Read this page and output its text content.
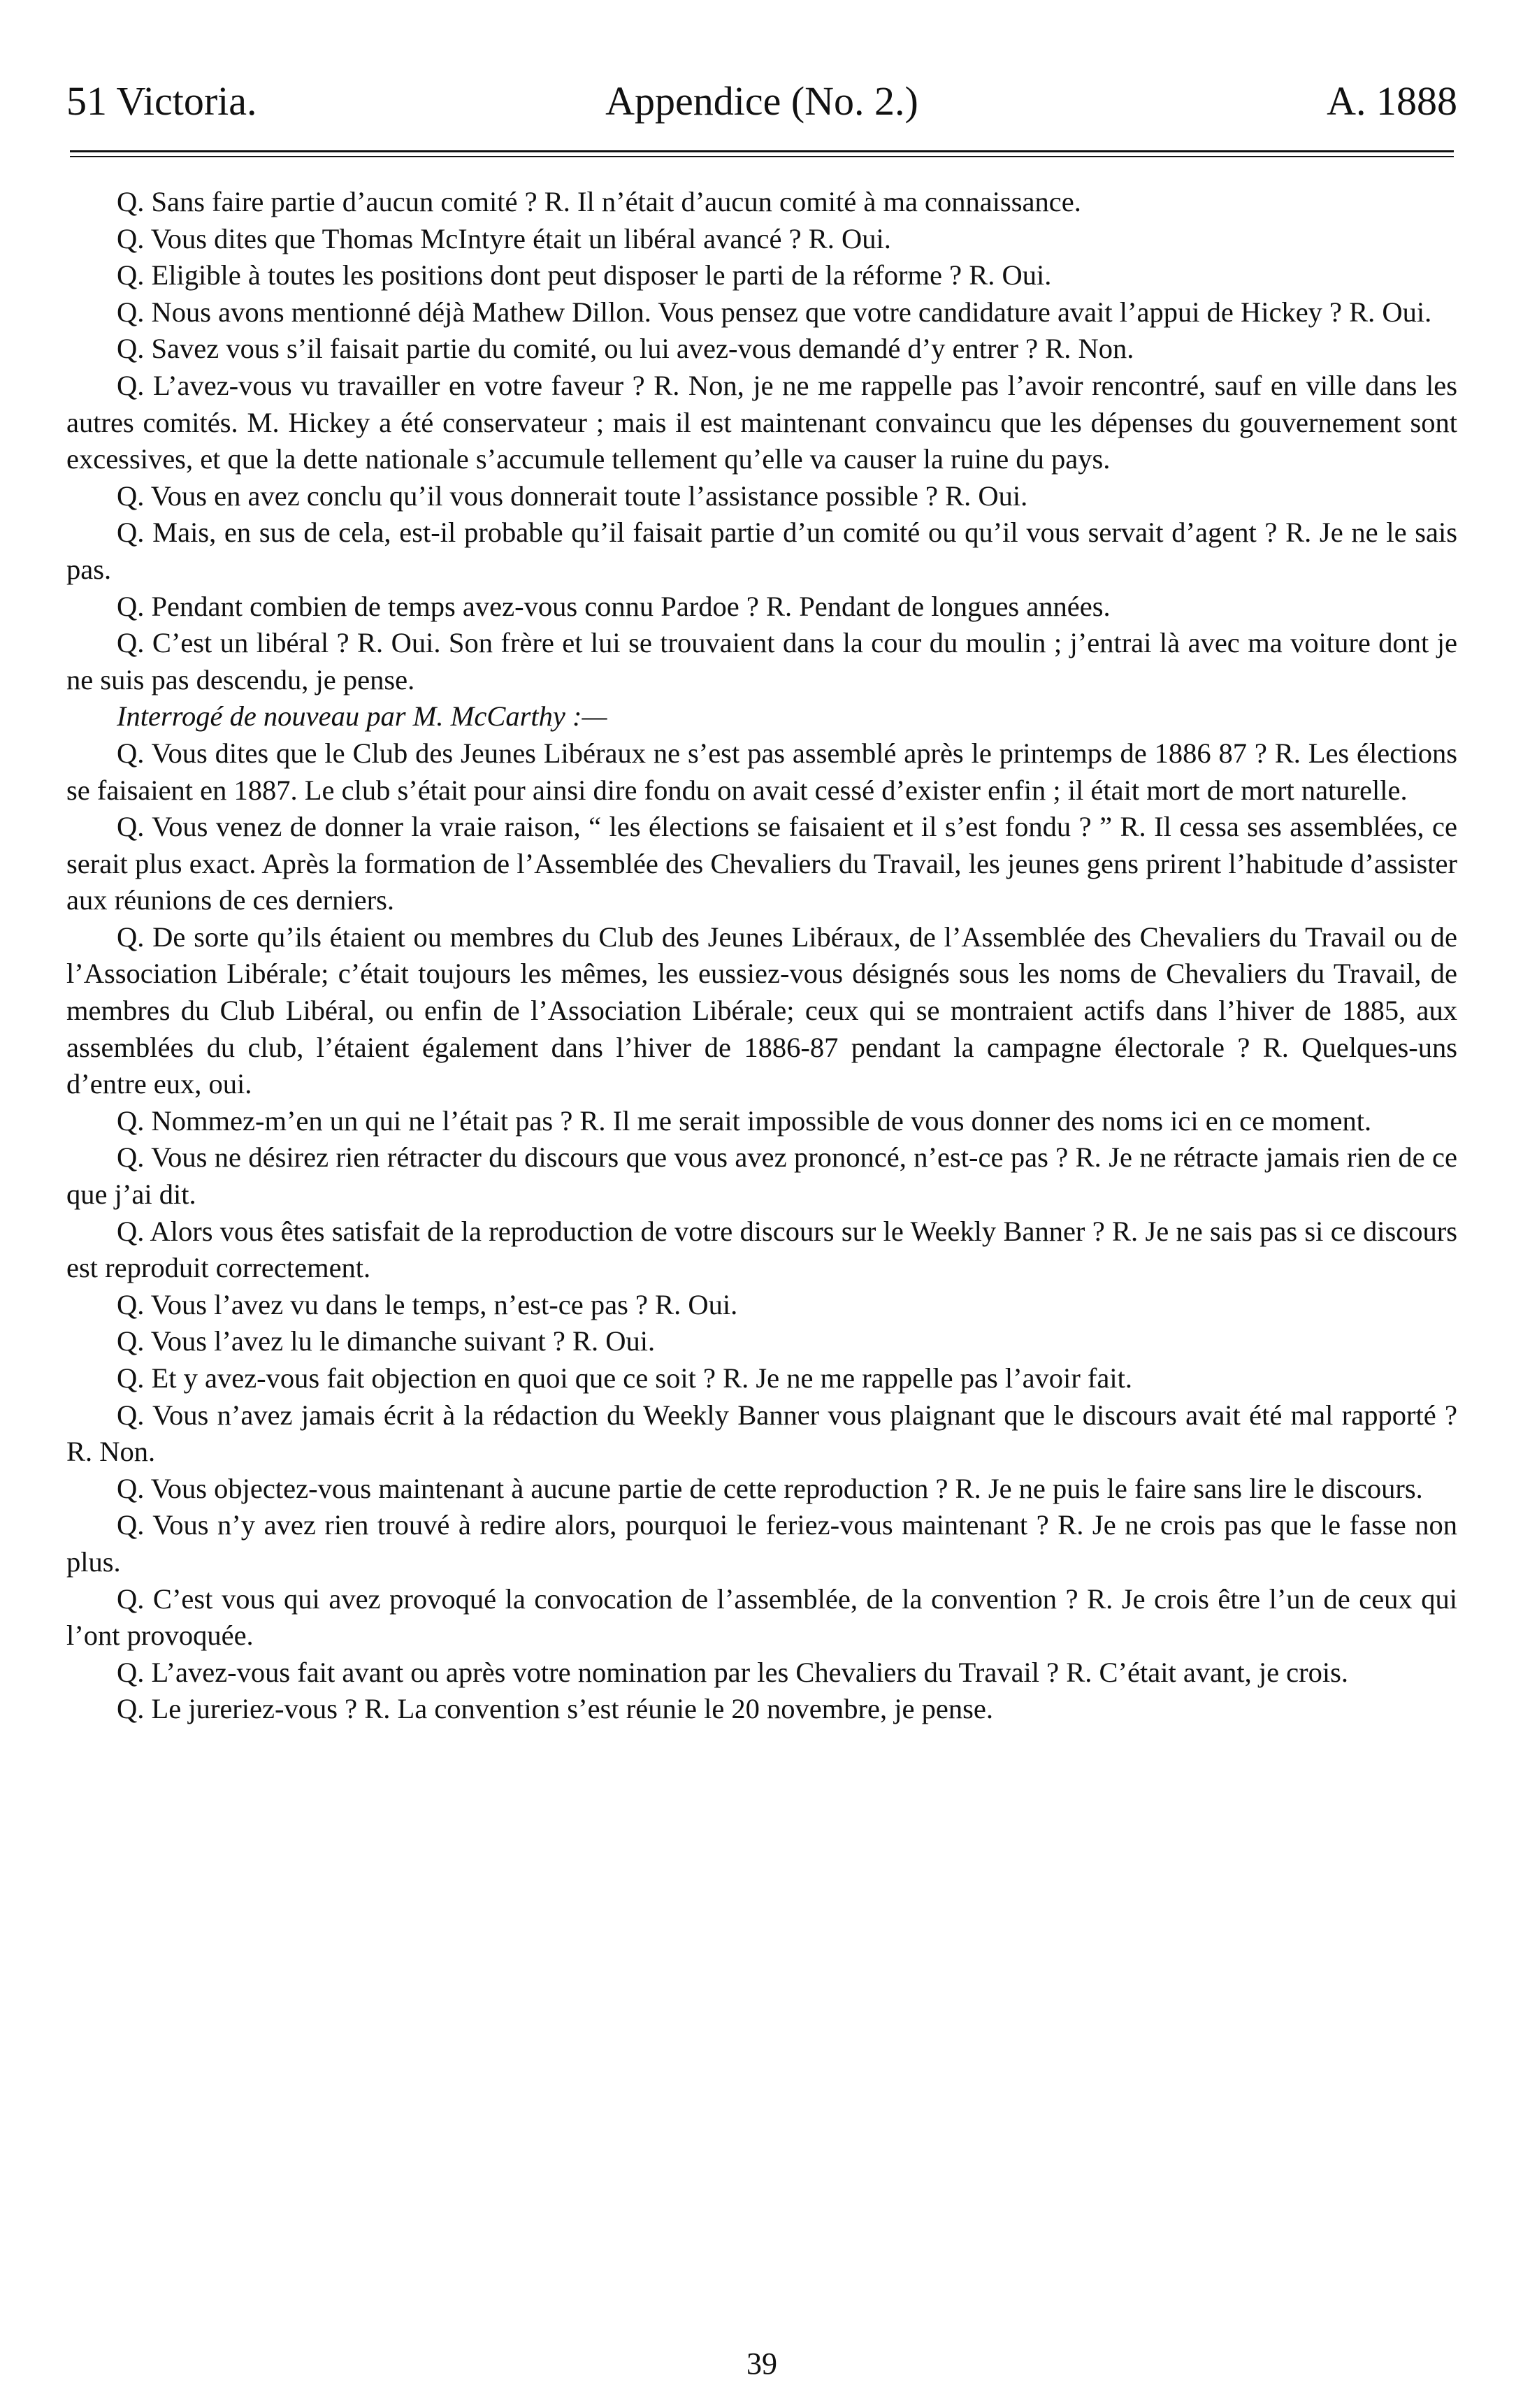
51 Victoria.	Appendice (No. 2.)	A. 1888

Q. Sans faire partie d’aucun comité ? R. Il n’était d’aucun comité à ma connaissance.

Q. Vous dites que Thomas McIntyre était un libéral avancé ? R. Oui.

Q. Eligible à toutes les positions dont peut disposer le parti de la réforme ? R. Oui.

Q. Nous avons mentionné déjà Mathew Dillon. Vous pensez que votre candidature avait l’appui de Hickey ? R. Oui.

Q. Savez vous s’il faisait partie du comité, ou lui avez-vous demandé d’y entrer ? R. Non.

Q. L’avez-vous vu travailler en votre faveur ? R. Non, je ne me rappelle pas l’avoir rencontré, sauf en ville dans les autres comités. M. Hickey a été conservateur ; mais il est maintenant convaincu que les dépenses du gouvernement sont excessives, et que la dette nationale s’accumule tellement qu’elle va causer la ruine du pays.

Q. Vous en avez conclu qu’il vous donnerait toute l’assistance possible ? R. Oui.

Q. Mais, en sus de cela, est-il probable qu’il faisait partie d’un comité ou qu’il vous servait d’agent ? R. Je ne le sais pas.

Q. Pendant combien de temps avez-vous connu Pardoe ? R. Pendant de longues années.

Q. C’est un libéral ? R. Oui. Son frère et lui se trouvaient dans la cour du moulin ; j’entrai là avec ma voiture dont je ne suis pas descendu, je pense.

Interrogé de nouveau par M. McCarthy :—

Q. Vous dites que le Club des Jeunes Libéraux ne s’est pas assemblé après le printemps de 1886 87 ? R. Les élections se faisaient en 1887. Le club s’était pour ainsi dire fondu on avait cessé d’exister enfin ; il était mort de mort naturelle.

Q. Vous venez de donner la vraie raison, “ les élections se faisaient et il s’est fondu ? ” R. Il cessa ses assemblées, ce serait plus exact. Après la formation de l’Assemblée des Chevaliers du Travail, les jeunes gens prirent l’habitude d’assister aux réunions de ces derniers.

Q. De sorte qu’ils étaient ou membres du Club des Jeunes Libéraux, de l’Assemblée des Chevaliers du Travail ou de l’Association Libérale; c’était toujours les mêmes, les eussiez-vous désignés sous les noms de Chevaliers du Travail, de membres du Club Libéral, ou enfin de l’Association Libérale; ceux qui se montraient actifs dans l’hiver de 1885, aux assemblées du club, l’étaient également dans l’hiver de 1886-87 pendant la campagne électorale ? R. Quelques-uns d’entre eux, oui.

Q. Nommez-m’en un qui ne l’était pas ? R. Il me serait impossible de vous donner des noms ici en ce moment.

Q. Vous ne désirez rien rétracter du discours que vous avez prononcé, n’est-ce pas ? R. Je ne rétracte jamais rien de ce que j’ai dit.

Q. Alors vous êtes satisfait de la reproduction de votre discours sur le Weekly Banner ? R. Je ne sais pas si ce discours est reproduit correctement.

Q. Vous l’avez vu dans le temps, n’est-ce pas ? R. Oui.

Q. Vous l’avez lu le dimanche suivant ? R. Oui.

Q. Et y avez-vous fait objection en quoi que ce soit ? R. Je ne me rappelle pas l’avoir fait.

Q. Vous n’avez jamais écrit à la rédaction du Weekly Banner vous plaignant que le discours avait été mal rapporté ? R. Non.

Q. Vous objectez-vous maintenant à aucune partie de cette reproduction ? R. Je ne puis le faire sans lire le discours.

Q. Vous n’y avez rien trouvé à redire alors, pourquoi le feriez-vous maintenant ? R. Je ne crois pas que le fasse non plus.

Q. C’est vous qui avez provoqué la convocation de l’assemblée, de la convention ? R. Je crois être l’un de ceux qui l’ont provoquée.

Q. L’avez-vous fait avant ou après votre nomination par les Chevaliers du Travail ? R. C’était avant, je crois.

Q. Le jureriez-vous ? R. La convention s’est réunie le 20 novembre, je pense.

39
